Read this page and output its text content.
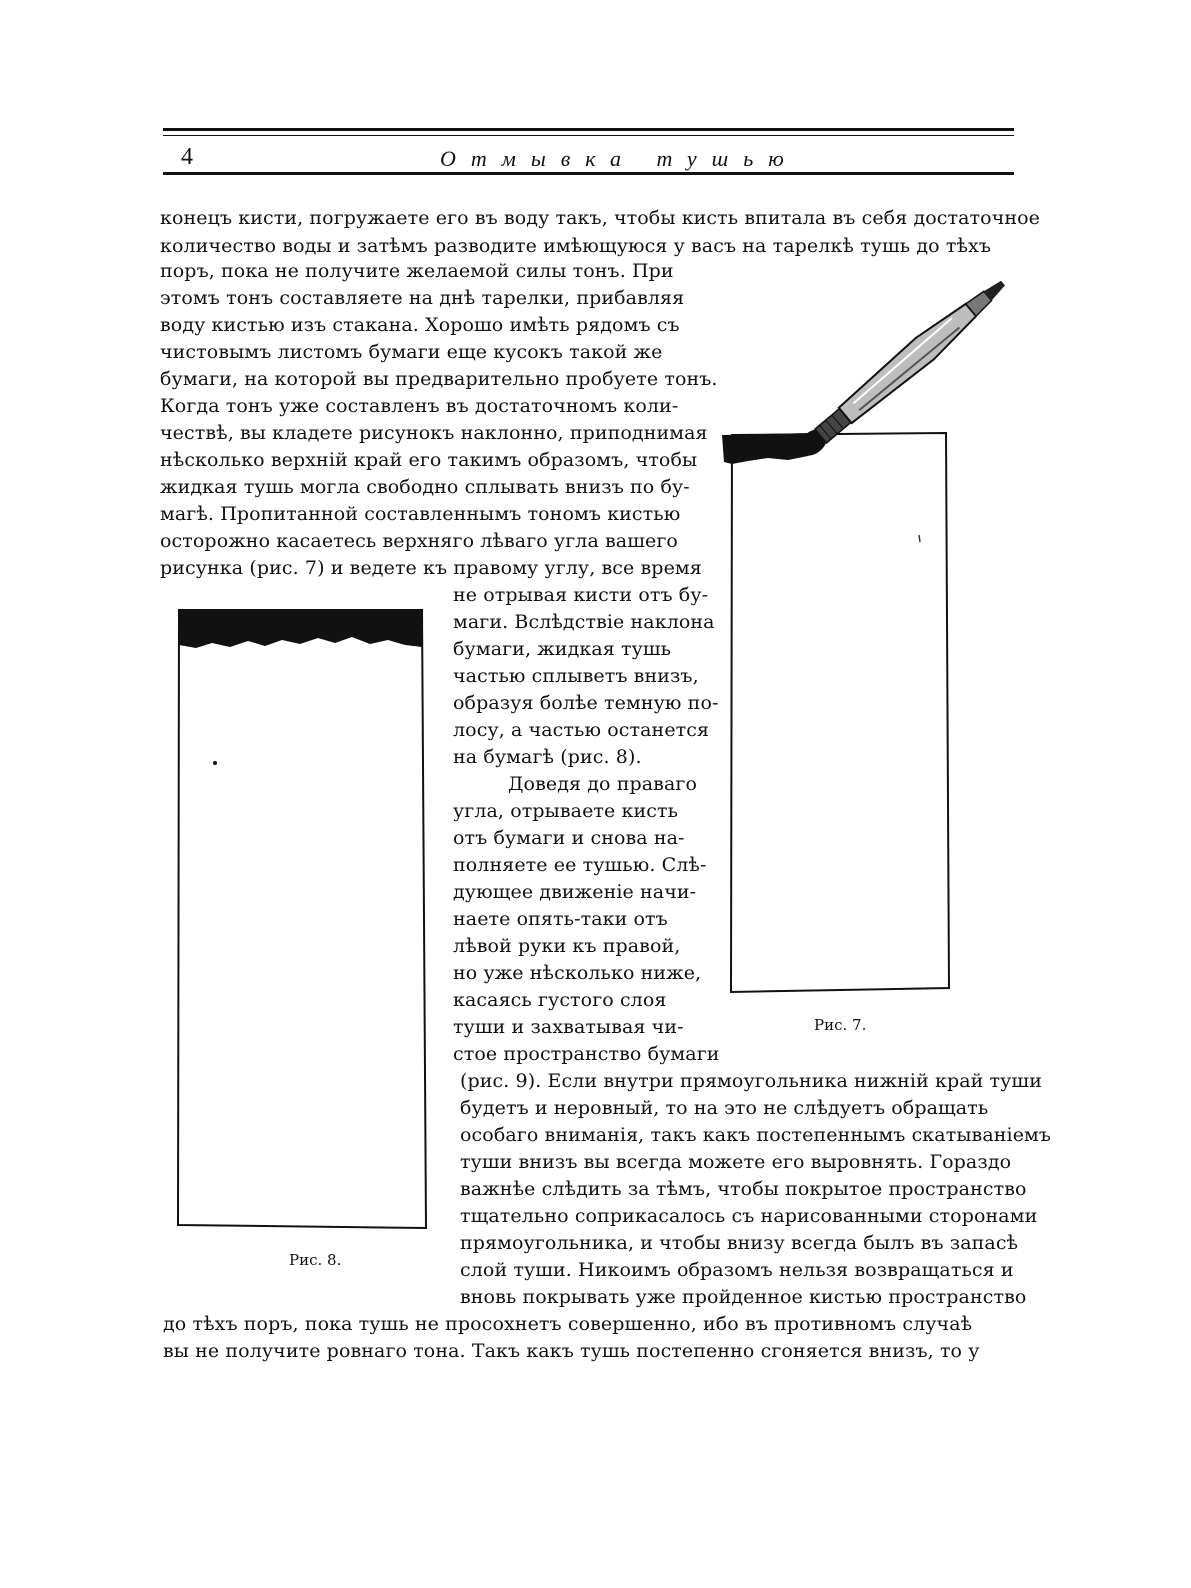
4	Отмывка тушью
конецъ кисти, погружаете его въ воду такъ, чтобы кисть впитала въ себя достаточное
количество воды и затѣмъ разводите имѣющуюся у васъ на тарелкѣ тушь до тѣхъ
поръ, пока не получите желаемой силы тонъ. При
этомъ тонъ составляете на днѣ тарелки, прибавляя
воду кистью изъ стакана. Хорошо имѣть рядомъ съ
чистовымъ листомъ бумаги еще кусокъ такой же
бумаги, на которой вы предварительно пробуете тонъ.
Когда тонъ уже составленъ въ достаточномъ коли-
чествѣ, вы кладете рисунокъ наклонно, приподнимая
нѣсколько верхній край его такимъ образомъ, чтобы
жидкая тушь могла свободно сплывать внизъ по бу-
магѣ. Пропитанной составленнымъ тономъ кистью
осторожно касаетесь верхняго лѣваго угла вашего
рисунка (рис. 7) и ведете къ правому углу, все время
не отрывая кисти отъ бу-
маги. Вслѣдствіе наклона
бумаги, жидкая тушь
частью сплыветъ внизъ,
образуя болѣе темную по-
лосу, а частью останется
на бумагѣ (рис. 8).
Доведя до праваго
угла, отрываете кисть
отъ бумаги и снова на-
полняете ее тушью. Слѣ-
дующее движеніе начи-
наете опять-таки отъ
лѣвой руки къ правой,
но уже нѣсколько ниже,
касаясь густого слоя
туши и захватывая чи-
стое пространство бумаги
(рис. 9). Если внутри прямоугольника нижній край туши
будетъ и неровный, то на это не слѣдуетъ обращать
особаго вниманія, такъ какъ постепеннымъ скатываніемъ
туши внизъ вы всегда можете его выровнять. Гораздо
важнѣе слѣдить за тѣмъ, чтобы покрытое пространство
тщательно соприкасалось съ нарисованными сторонами
прямоугольника, и чтобы внизу всегда былъ въ запасѣ
слой туши. Никоимъ образомъ нельзя возвращаться и
вновь покрывать уже пройденное кистью пространство
до тѣхъ поръ, пока тушь не просохнетъ совершенно, ибо въ противномъ случаѣ
вы не получите ровнаго тона. Такъ какъ тушь постепенно сгоняется внизъ, то у
Рис. 7.
Рис. 8.
